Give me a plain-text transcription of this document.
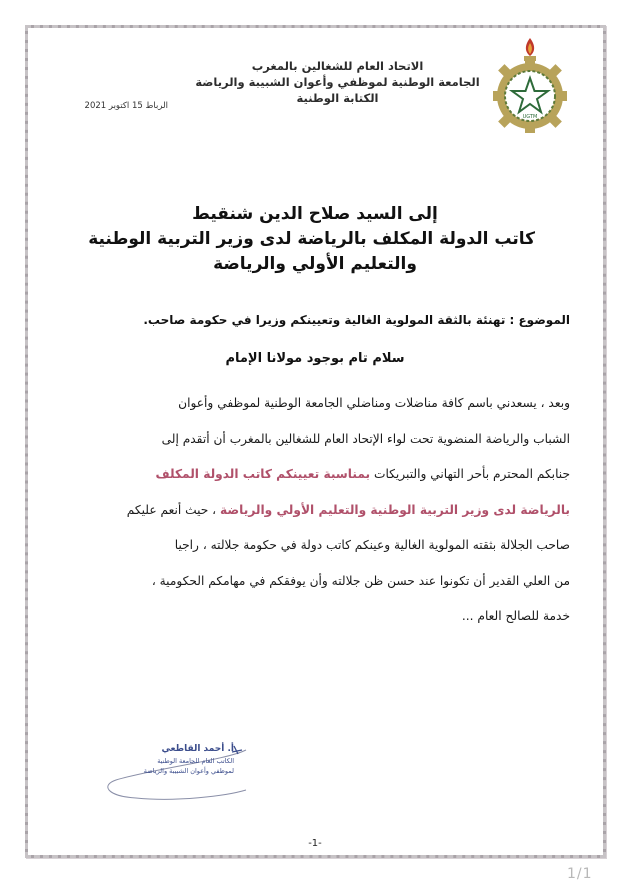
UGTM
الاتحاد العام للشغالين بالمغرب
الجامعة الوطنية لموظفي وأعوان الشبيبة والرياضة
الكتابة الوطنية
الرباط 15 اكتوبر 2021
إلى السيد صلاح الدين شنقيط
كاتب الدولة المكلف بالرياضة لدى وزير التربية الوطنية
والتعليم الأولي والرياضة
الموضوع : تهنئة بالثقة المولوية الغالية وتعيينكم وزيرا في حكومة صاحب.
سلام تام بوجود مولانا الإمام
وبعد ، يسعدني باسم كافة مناضلات ومناضلي الجامعة الوطنية لموظفي وأعوان
الشباب والرياضة المنضوية تحت لواء الإتحاد العام للشغالين بالمغرب أن أتقدم إلى
جنابكم المحترم بأحر التهاني والتبريكات بمناسبة تعيينكم كاتب الدولة المكلف
بالرياضة لدى وزير التربية الوطنية والتعليم الأولي والرياضة ، حيث أنعم عليكم
صاحب الجلالة بثقته المولوية الغالية وعينكم كاتب دولة في حكومة جلالته ، راجيا
من العلي القدير أن تكونوا عند حسن ظن جلالته وأن يوفقكم في مهامكم الحكومية ،
خدمة للصالح العام ...
أ. أحمد القاطعي
الكاتب العام للجامعة الوطنية
لموظفي وأعوان الشبيبة والرياضة
-1-
1/1
